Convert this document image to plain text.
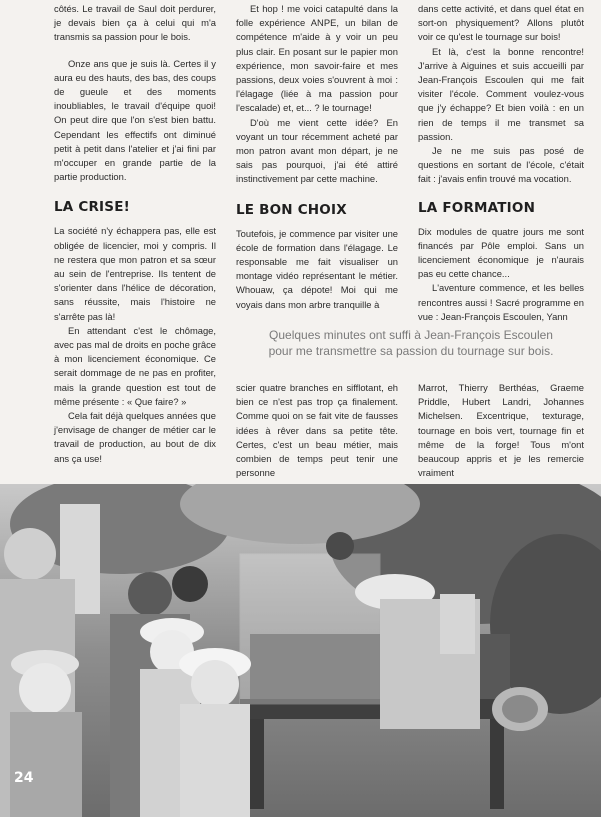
côtés. Le travail de Saul doit perdurer, je devais bien ça à celui qui m'a transmis sa passion pour le bois.

Onze ans que je suis là. Certes il y aura eu des hauts, des bas, des coups de gueule et des moments inoubliables, le travail d'équipe quoi! On peut dire que l'on s'est bien battu. Cependant les effectifs ont diminué petit à petit dans l'atelier et j'ai fini par m'occuper en grande partie de la partie production.

LA CRISE!

La société n'y échappera pas, elle est obligée de licencier, moi y compris. Il ne restera que mon patron et sa sœur au sein de l'entreprise. Ils tentent de s'orienter dans l'hélice de décoration, sans réussite, mais l'histoire ne s'arrête pas là!

En attendant c'est le chômage, avec pas mal de droits en poche grâce à mon licenciement économique. Ce serait dommage de ne pas en profiter, mais la grande question est tout de même présente : « Que faire? »

Cela fait déjà quelques années que j'envisage de changer de métier car le travail de production, au bout de dix ans ça use!

Et hop ! me voici catapulté dans la folle expérience ANPE, un bilan de compétence m'aide à y voir un peu plus clair. En posant sur le papier mon expérience, mon savoir-faire et mes passions, deux voies s'ouvrent à moi : l'élagage (liée à ma passion pour l'escalade) et, et... ? le tournage!

D'où me vient cette idée? En voyant un tour récemment acheté par mon patron avant mon départ, je ne sais pas pourquoi, j'ai été attiré instinctivement par cette machine.

LE BON CHOIX

Toutefois, je commence par visiter une école de formation dans l'élagage. Le responsable me fait visualiser un montage vidéo représentant le métier. Whouaw, ça dépote! Moi qui me voyais dans mon arbre tranquille à

dans cette activité, et dans quel état en sort-on physiquement? Allons plutôt voir ce qu'est le tournage sur bois!

Et là, c'est la bonne rencontre! J'arrive à Aiguines et suis accueilli par Jean-François Escoulen qui me fait visiter l'école. Comment voulez-vous que j'y échappe? Et bien voilà : en un rien de temps il me transmet sa passion.

Je ne me suis pas posé de questions en sortant de l'école, c'était fait : j'avais enfin trouvé ma vocation.

LA FORMATION

Dix modules de quatre jours me sont financés par Pôle emploi. Sans un licenciement économique je n'aurais pas eu cette chance...

L'aventure commence, et les belles rencontres aussi ! Sacré programme en vue : Jean-François Escoulen, Yann

Quelques minutes ont suffi à Jean-François Escoulen
pour me transmettre sa passion du tournage sur bois.

scier quatre branches en sifflotant, eh bien ce n'est pas trop ça finalement. Comme quoi on se fait vite de fausses idées à rêver dans sa petite tête. Certes, c'est un beau métier, mais combien de temps peut tenir une personne

Marrot, Thierry Berthéas, Graeme Priddle, Hubert Landri, Johannes Michelsen. Excentrique, texturage, tournage en bois vert, tournage fin et même de la forge! Tous m'ont beaucoup appris et je les remercie vraiment

24
